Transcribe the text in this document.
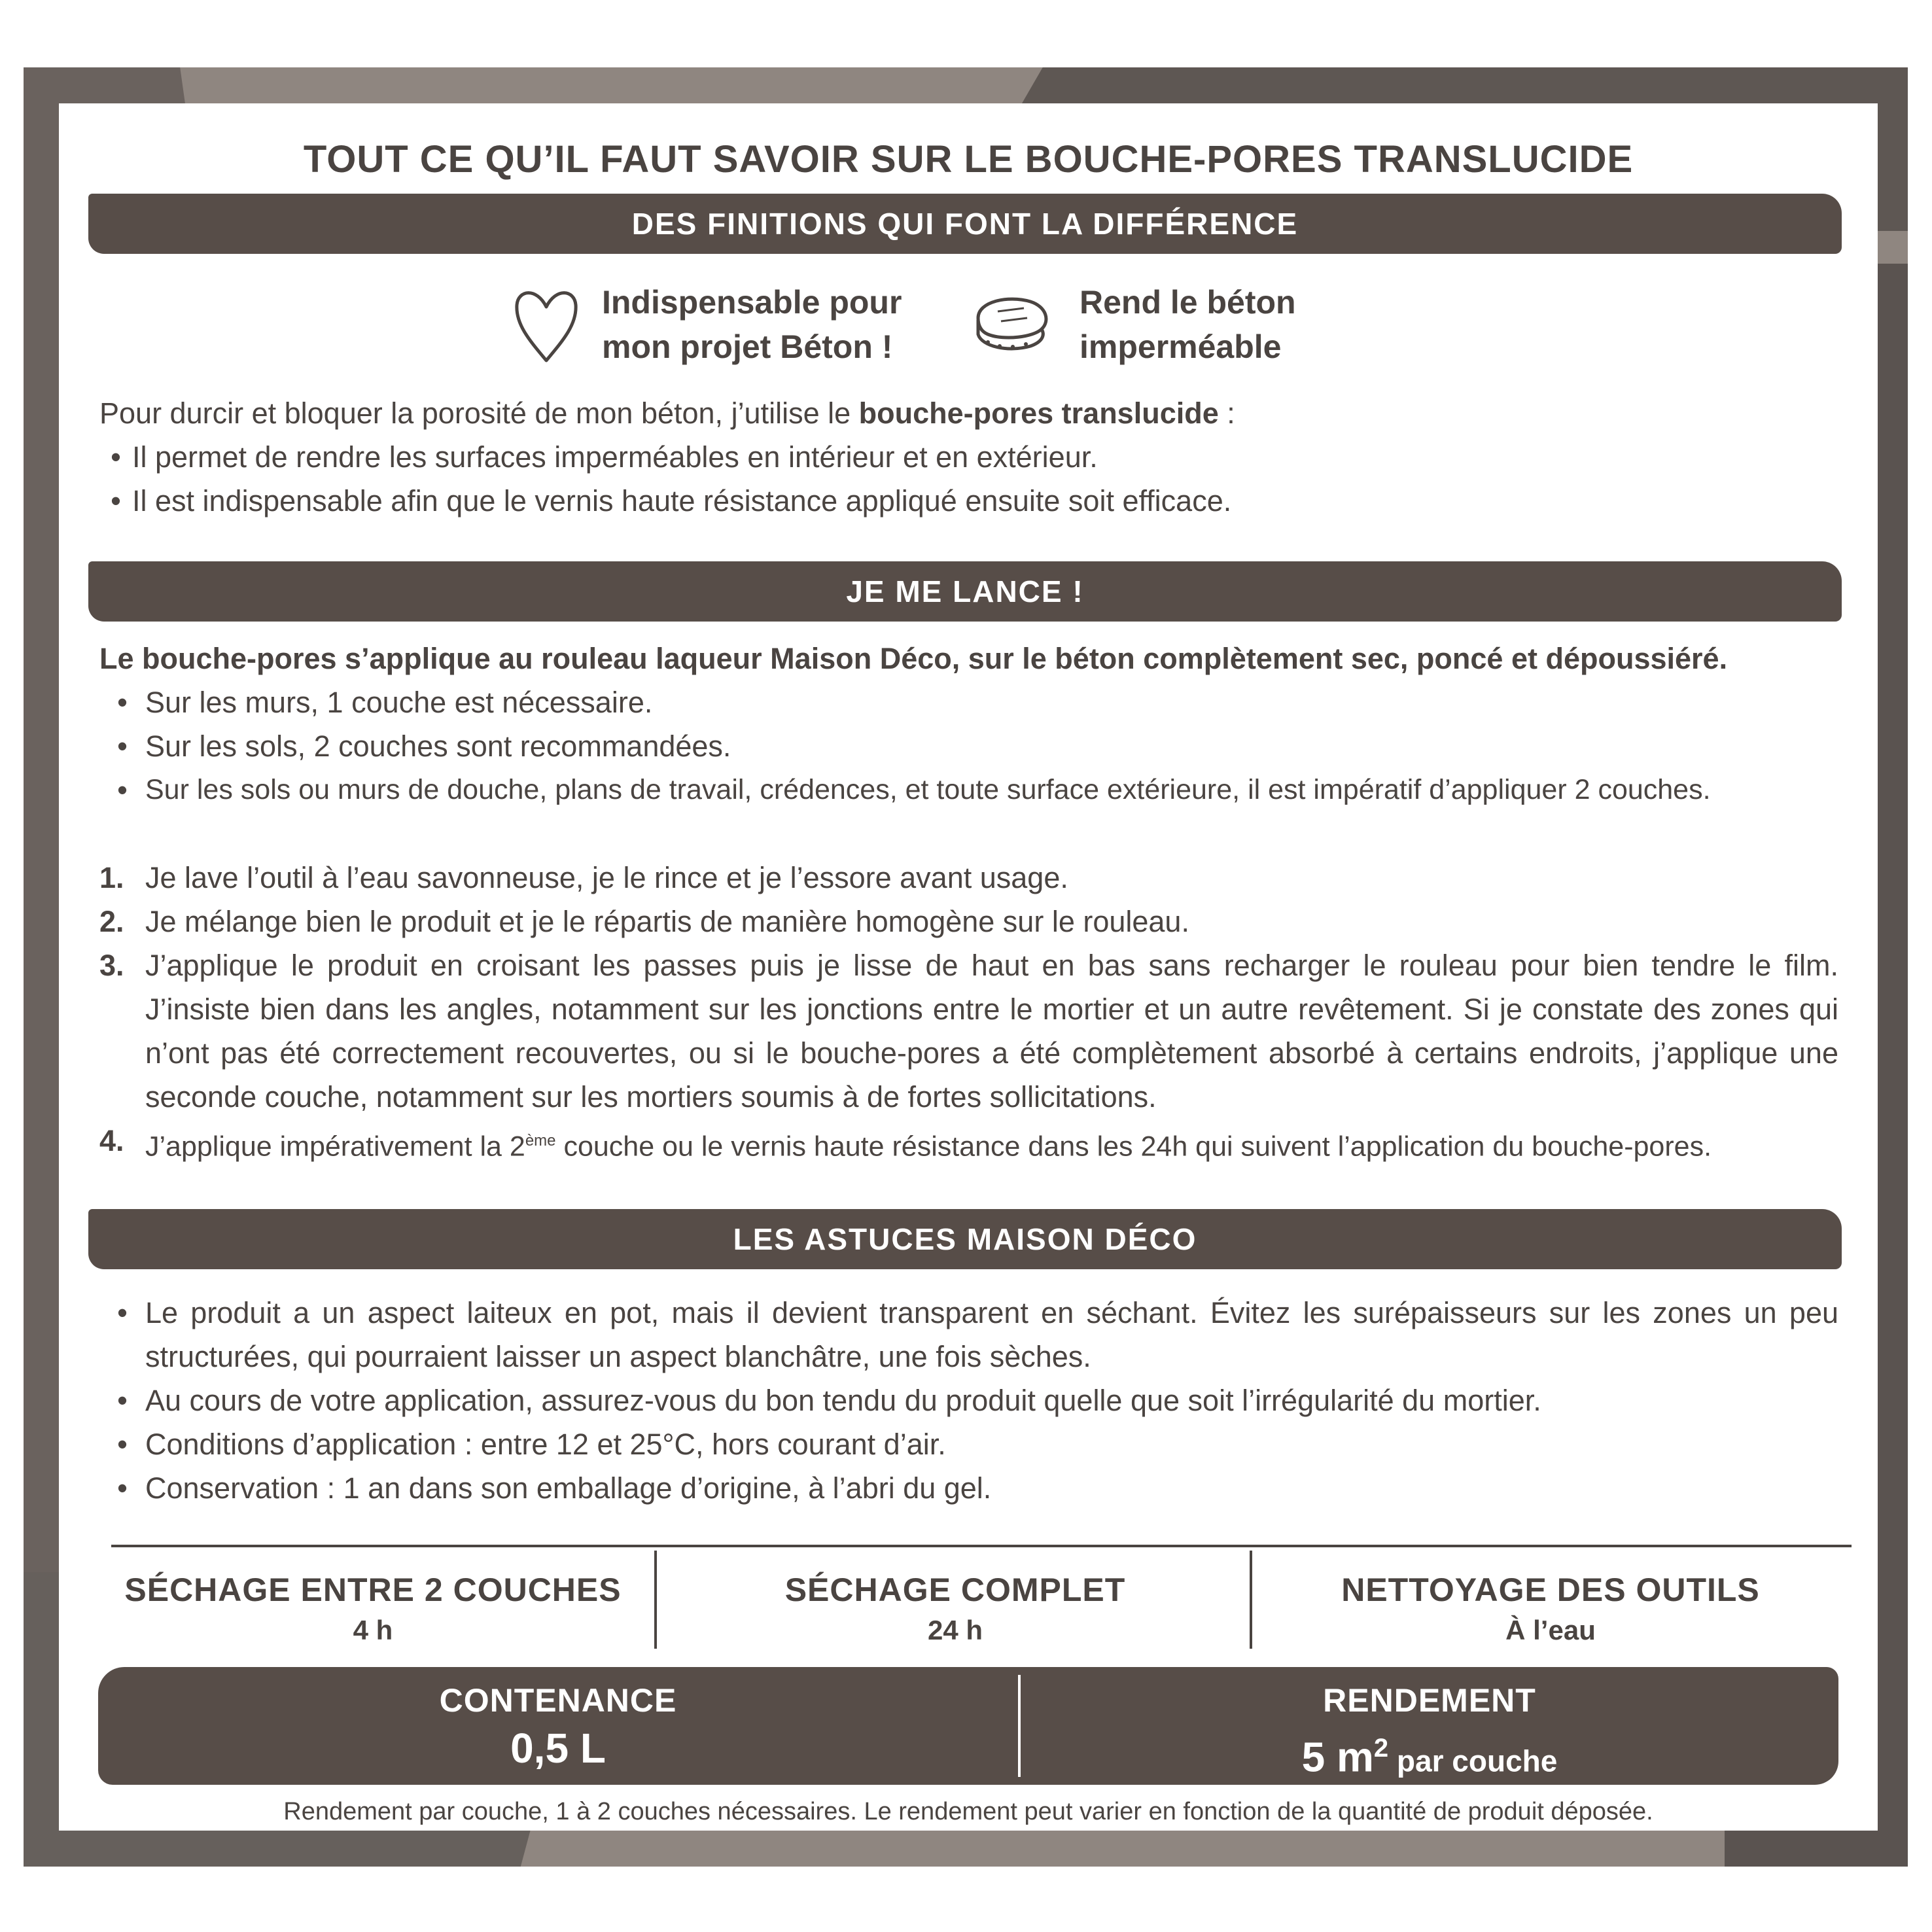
TOUT CE QU’IL FAUT SAVOIR SUR LE BOUCHE-PORES TRANSLUCIDE
DES FINITIONS QUI FONT LA DIFFÉRENCE
Indispensable pour
mon projet Béton !
Rend le béton
imperméable
Pour durcir et bloquer la porosité de mon béton, j’utilise le bouche-pores translucide :
• Il permet de rendre les surfaces imperméables en intérieur et en extérieur.
• Il est indispensable afin que le vernis haute résistance appliqué ensuite soit efficace.
JE ME LANCE !
Le bouche-pores s’applique au rouleau laqueur Maison Déco, sur le béton complètement sec, poncé et dépoussiéré.
• Sur les murs, 1 couche est nécessaire.
• Sur les sols, 2 couches sont recommandées.
• Sur les sols ou murs de douche, plans de travail, crédences, et toute surface extérieure, il est impératif d’appliquer 2 couches.
1. Je lave l’outil à l’eau savonneuse, je le rince et je l’essore avant usage.
2. Je mélange bien le produit et je le répartis de manière homogène sur le rouleau.
3. J’applique le produit en croisant les passes puis je lisse de haut en bas sans recharger le rouleau pour bien tendre le film. J’insiste bien dans les angles, notamment sur les jonctions entre le mortier et un autre revêtement. Si je constate des zones qui n’ont pas été correctement recouvertes, ou si le bouche-pores a été complètement absorbé à certains endroits, j’applique une seconde couche, notamment sur les mortiers soumis à de fortes sollicitations.
4. J’applique impérativement la 2ème couche ou le vernis haute résistance dans les 24h qui suivent l’application du bouche-pores.
LES ASTUCES MAISON DÉCO
• Le produit a un aspect laiteux en pot, mais il devient transparent en séchant. Évitez les surépaisseurs sur les zones un peu structurées, qui pourraient laisser un aspect blanchâtre, une fois sèches.
• Au cours de votre application, assurez-vous du bon tendu du produit quelle que soit l’irrégularité du mortier.
• Conditions d’application : entre 12 et 25°C, hors courant d’air.
• Conservation : 1 an dans son emballage d’origine, à l’abri du gel.
SÉCHAGE ENTRE 2 COUCHES
4 h
SÉCHAGE COMPLET
24 h
NETTOYAGE DES OUTILS
À l’eau
CONTENANCE
0,5 L
RENDEMENT
5 $m^2$ par couche
Rendement par couche, 1 à 2 couches nécessaires. Le rendement peut varier en fonction de la quantité de produit déposée.
